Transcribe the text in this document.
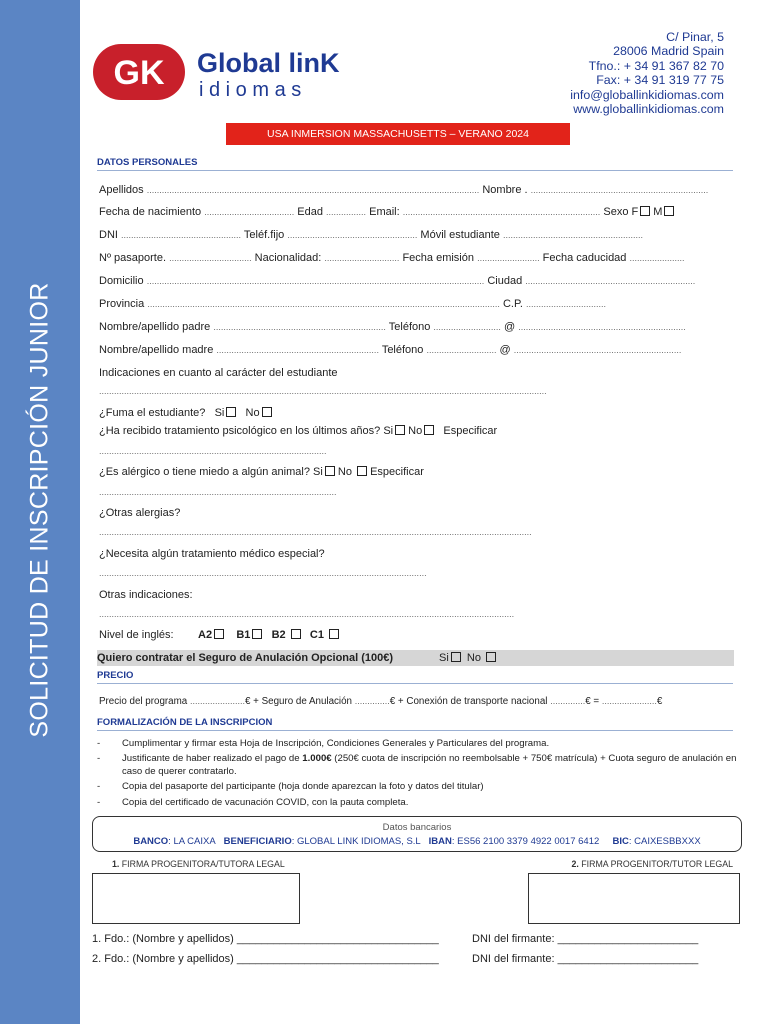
SOLICITUD DE INSCRIPCIÓN JUNIOR
GK Global linK
i d i o m a s
C/ Pinar, 5
28006 Madrid Spain
Tfno.: + 34 91 367 82 70
Fax: + 34 91 319 77 75
info@globallinkidiomas.com
www.globallinkidiomas.com
USA INMERSION MASSACHUSETTS – VERANO 2024
DATOS PERSONALES
Apellidos ..................................................................................................................................... Nombre . .......................................................................
Fecha de nacimiento .................................... Edad ................ Email: ............................................................................... Sexo F M
DNI ................................................ Teléf.fijo .................................................... Móvil estudiante ........................................................
Nº pasaporte. ................................. Nacionalidad: .............................. Fecha emisión ......................... Fecha caducidad ......................
Domicilio ....................................................................................................................................... Ciudad ....................................................................
Provincia ............................................................................................................................................. C.P. ................................
Nombre/apellido padre ..................................................................... Teléfono ........................... @ ...................................................................
Nombre/apellido madre ................................................................. Teléfono ............................ @ ...................................................................
Indicaciones en cuanto al carácter del estudiante
...................................................................................................................................................................................
¿Fuma el estudiante? Si No
¿Ha recibido tratamiento psicológico en los últimos años? Si No Especificar
...........................................................................................
¿Es alérgico o tiene miedo a algún animal? Si No Especificar
...............................................................................................
¿Otras alergias?
.............................................................................................................................................................................
¿Necesita algún tratamiento médico especial?
...................................................................................................................................
Otras indicaciones:
......................................................................................................................................................................
Nivel de inglés: A2 B1 B2 C1
Quiero contratar el Seguro de Anulación Opcional (100€)	Si No
PRECIO
Precio del programa ......................€ + Seguro de Anulación ..............€ + Conexión de transporte nacional ..............€ = ......................€
FORMALIZACIÓN DE LA INSCRIPCION
- Cumplimentar y firmar esta Hoja de Inscripción, Condiciones Generales y Particulares del programa.
- Justificante de haber realizado el pago de 1.000€ (250€ cuota de inscripción no reembolsable + 750€ matrícula) + Cuota seguro de anulación en caso de querer contratarlo.
- Copia del pasaporte del participante (hoja donde aparezcan la foto y datos del titular)
- Copia del certificado de vacunación COVID, con la pauta completa.
Datos bancarios
BANCO: LA CAIXA BENEFICIARIO: GLOBAL LINK IDIOMAS, S.L IBAN: ES56 2100 3379 4922 0017 6412 BIC: CAIXESBBXXX
1. FIRMA PROGENITORA/TUTORA LEGAL	2. FIRMA PROGENITOR/TUTOR LEGAL
1. Fdo.: (Nombre y apellidos) _________________________________	DNI del firmante: _______________________
2. Fdo.: (Nombre y apellidos) _________________________________	DNI del firmante: _______________________
